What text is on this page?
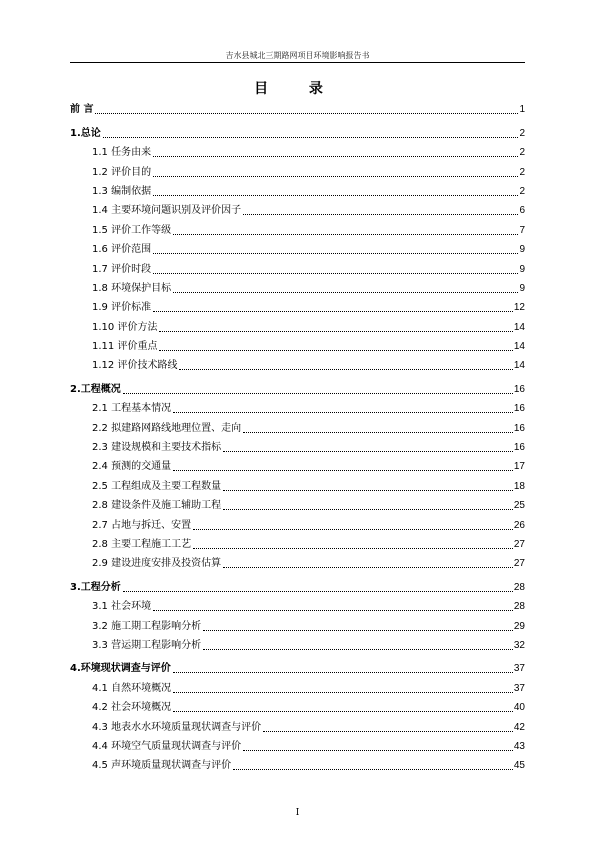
吉水县城北三期路网项目环境影响报告书
目 录
前 言	1
1.总论	2
1.1 任务由来	2
1.2 评价目的	2
1.3 编制依据	2
1.4 主要环境问题识别及评价因子	6
1.5 评价工作等级	7
1.6 评价范围	9
1.7 评价时段	9
1.8 环境保护目标	9
1.9 评价标准	12
1.10 评价方法	14
1.11 评价重点	14
1.12 评价技术路线	14
2.工程概况	16
2.1 工程基本情况	16
2.2 拟建路网路线地理位置、走向	16
2.3 建设规模和主要技术指标	16
2.4 预测的交通量	17
2.5 工程组成及主要工程数量	18
2.8 建设条件及施工辅助工程	25
2.7 占地与拆迁、安置	26
2.8 主要工程施工工艺	27
2.9 建设进度安排及投资估算	27
3.工程分析	28
3.1 社会环境	28
3.2 施工期工程影响分析	29
3.3 营运期工程影响分析	32
4.环境现状调查与评价	37
4.1 自然环境概况	37
4.2 社会环境概况	40
4.3 地表水水环境质量现状调查与评价	42
4.4 环境空气质量现状调查与评价	43
4.5 声环境质量现状调查与评价	45
I
